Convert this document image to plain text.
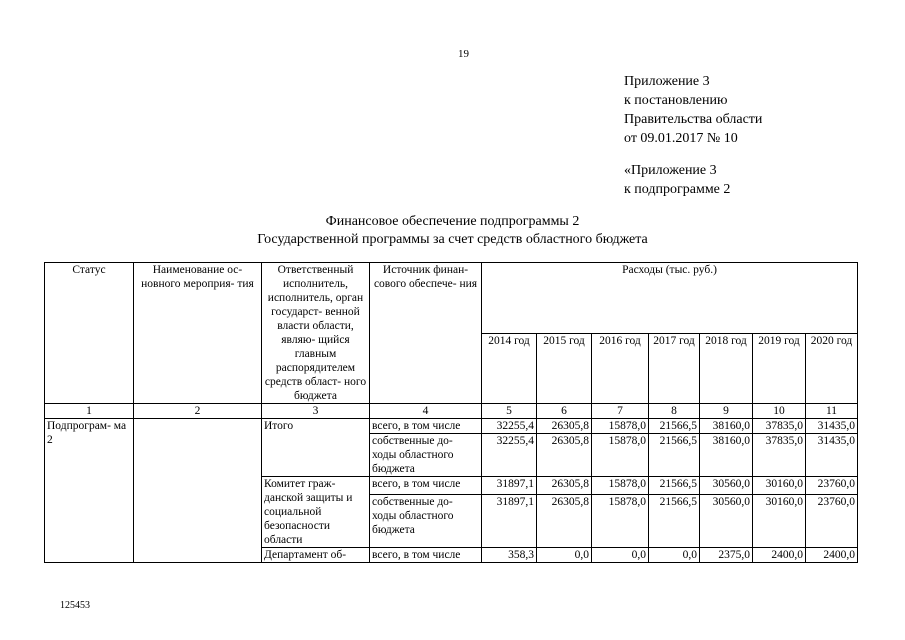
19
Приложение 3
к постановлению
Правительства области
от 09.01.2017 № 10
«Приложение 3
к подпрограмме 2
Финансовое обеспечение подпрограммы 2
Государственной программы за счет средств областного бюджета
Статус	Наименование ос- новного мероприя- тия	Ответственный исполнитель, исполнитель, орган государст- венной власти области, являю- щийся главным распорядителем средств област- ного бюджета	Источник финан- сового обеспече- ния	Расходы (тыс. руб.)						
				2014 год	2015 год	2016 год	2017 год	2018 год	2019 год	2020 год
1	2	3	4	5	6	7	8	9	10	11
Подпрограм- ма 2		Итого	всего, в том числе	32255,4	26305,8	15878,0	21566,5	38160,0	37835,0	31435,0
			собственные до- ходы областного бюджета	32255,4	26305,8	15878,0	21566,5	38160,0	37835,0	31435,0
		Комитет граж- данской защиты и социальной безопасности области	всего, в том числе	31897,1	26305,8	15878,0	21566,5	30560,0	30160,0	23760,0
			собственные до- ходы областного бюджета	31897,1	26305,8	15878,0	21566,5	30560,0	30160,0	23760,0
		Департамент об-	всего, в том числе	358,3	0,0	0,0	0,0	2375,0	2400,0	2400,0
125453
